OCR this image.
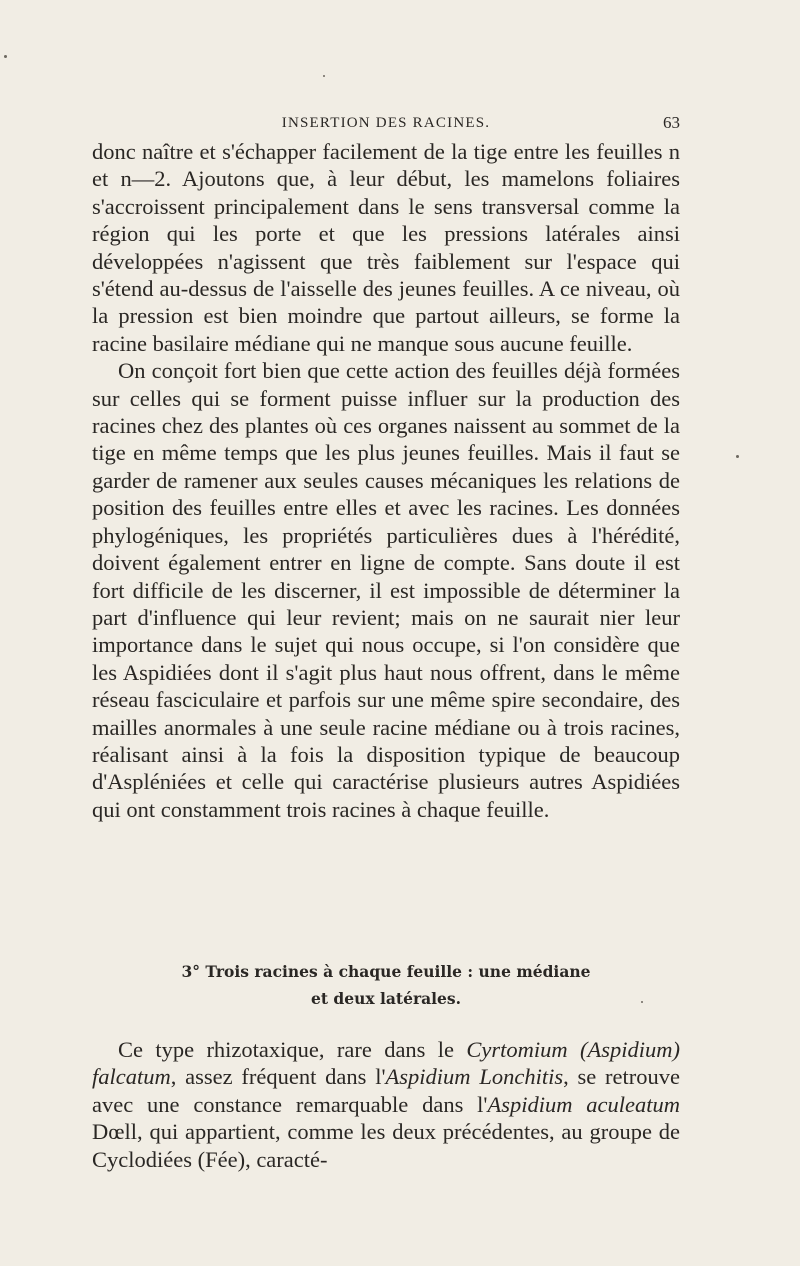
INSERTION DES RACINES.	63

donc naître et s'échapper facilement de la tige entre les feuilles n et n—2. Ajoutons que, à leur début, les mamelons foliaires s'accroissent principalement dans le sens transversal comme la région qui les porte et que les pressions latérales ainsi développées n'agissent que très faiblement sur l'espace qui s'étend au-dessus de l'aisselle des jeunes feuilles. A ce niveau, où la pression est bien moindre que partout ailleurs, se forme la racine basilaire médiane qui ne manque sous aucune feuille.

On conçoit fort bien que cette action des feuilles déjà formées sur celles qui se forment puisse influer sur la production des racines chez des plantes où ces organes naissent au sommet de la tige en même temps que les plus jeunes feuilles. Mais il faut se garder de ramener aux seules causes mécaniques les relations de position des feuilles entre elles et avec les racines. Les données phylogéniques, les propriétés particulières dues à l'hérédité, doivent également entrer en ligne de compte. Sans doute il est fort difficile de les discerner, il est impossible de déterminer la part d'influence qui leur revient; mais on ne saurait nier leur importance dans le sujet qui nous occupe, si l'on considère que les Aspidiées dont il s'agit plus haut nous offrent, dans le même réseau fasciculaire et parfois sur une même spire secondaire, des mailles anormales à une seule racine médiane ou à trois racines, réalisant ainsi à la fois la disposition typique de beaucoup d'Aspléniées et celle qui caractérise plusieurs autres Aspidiées qui ont constamment trois racines à chaque feuille.

3° Trois racines à chaque feuille : une médiane
et deux latérales.

Ce type rhizotaxique, rare dans le Cyrtomium (Aspidium) falcatum, assez fréquent dans l'Aspidium Lonchitis, se retrouve avec une constance remarquable dans l'Aspidium aculeatum Dœll, qui appartient, comme les deux précédentes, au groupe de Cyclodiées (Fée), caracté-
